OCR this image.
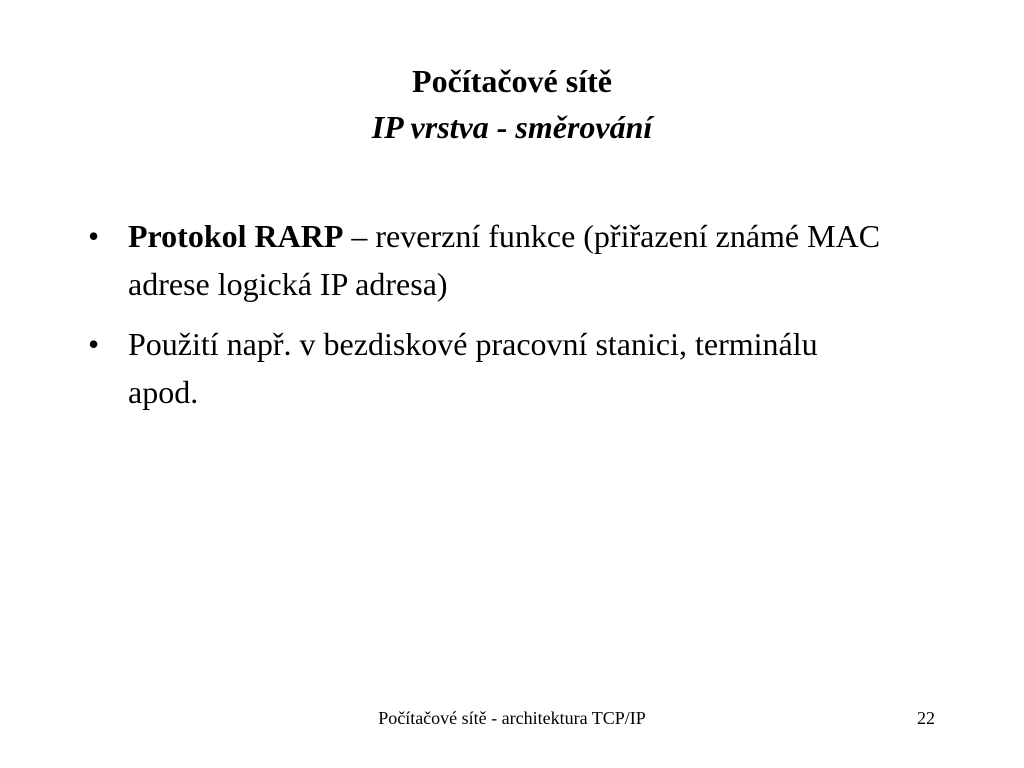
Počítačové sítě
IP vrstva - směrování
• Protokol RARP – reverzní funkce (přiřazení známé MAC adrese logická IP adresa)
• Použití např. v bezdiskové pracovní stanici, terminálu apod.
Počítačové sítě - architektura TCP/IP	22
